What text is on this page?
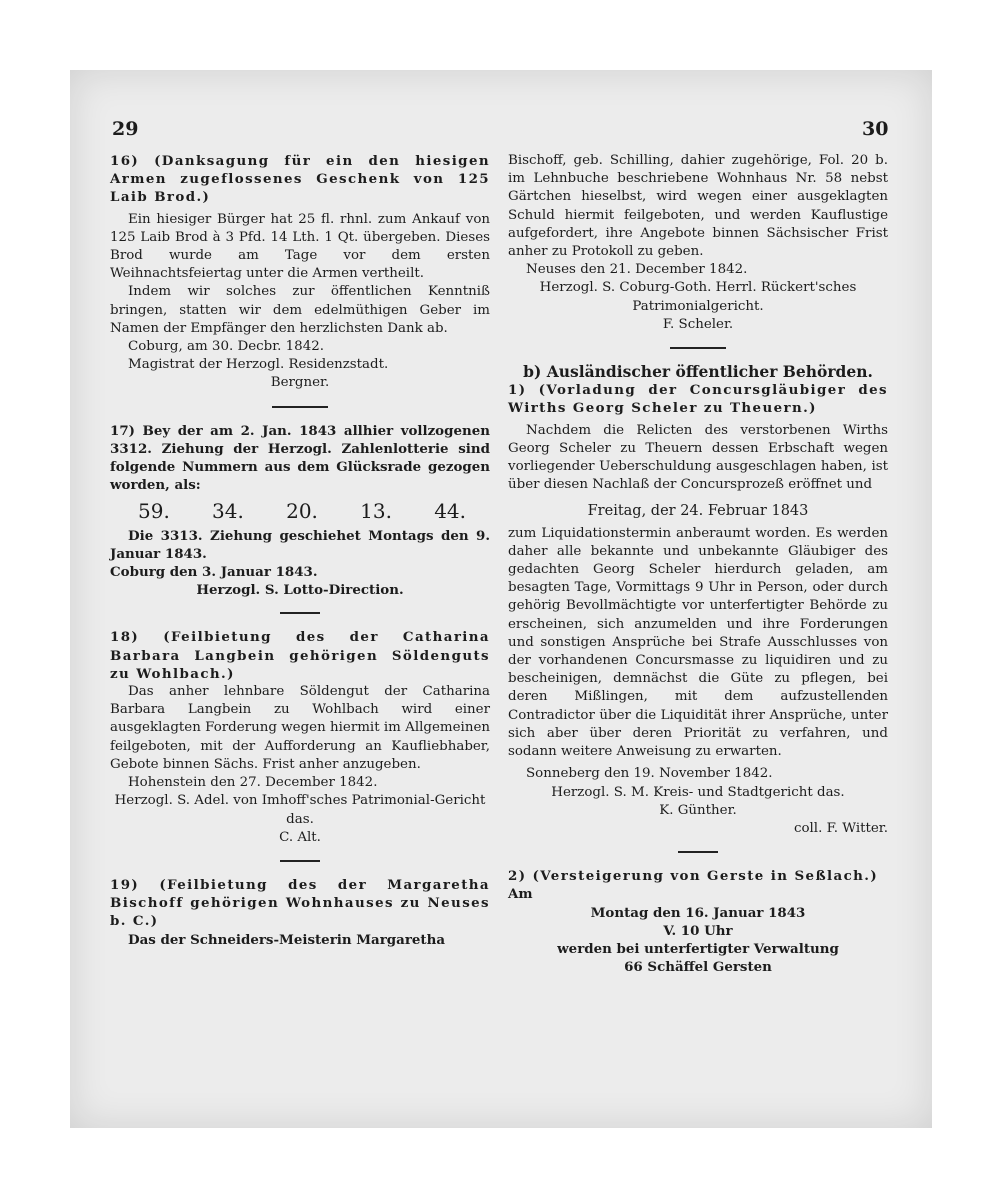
29	30

16) (Danksagung für ein den hiesigen Armen zugeflossenes Geschenk von 125 Laib Brod.)

Ein hiesiger Bürger hat 25 fl. rhnl. zum Ankauf von 125 Laib Brod à 3 Pfd. 14 Lth. 1 Qt. übergeben. Dieses Brod wurde am Tage vor dem ersten Weihnachtsfeiertag unter die Armen vertheilt.

Indem wir solches zur öffentlichen Kenntniß bringen, statten wir dem edelmüthigen Geber im Namen der Empfänger den herzlichsten Dank ab.

Coburg, am 30. Decbr. 1842.

Magistrat der Herzogl. Residenzstadt.

Bergner.

17) Bey der am 2. Jan. 1843 allhier vollzogenen 3312. Ziehung der Herzogl. Zahlenlotterie sind folgende Nummern aus dem Glücksrade gezogen worden, als:

59. 34. 20. 13. 44.

Die 3313. Ziehung geschiehet Montags den 9. Januar 1843.

Coburg den 3. Januar 1843.

Herzogl. S. Lotto-Direction.

18) (Feilbietung des der Catharina Barbara Langbein gehörigen Söldenguts zu Wohlbach.)

Das anher lehnbare Söldengut der Catharina Barbara Langbein zu Wohlbach wird einer ausgeklagten Forderung wegen hiermit im Allgemeinen feilgeboten, mit der Aufforderung an Kaufliebhaber, Gebote binnen Sächs. Frist anher anzugeben.

Hohenstein den 27. December 1842.

Herzogl. S. Adel. von Imhoff'sches Patrimonial-Gericht das.

C. Alt.

19) (Feilbietung des der Margaretha Bischoff gehörigen Wohnhauses zu Neuses b. C.)

Das der Schneiders-Meisterin Margaretha

Bischoff, geb. Schilling, dahier zugehörige, Fol. 20 b. im Lehnbuche beschriebene Wohnhaus Nr. 58 nebst Gärtchen hieselbst, wird wegen einer ausgeklagten Schuld hiermit feilgeboten, und werden Kauflustige aufgefordert, ihre Angebote binnen Sächsischer Frist anher zu Protokoll zu geben.

Neuses den 21. December 1842.

Herzogl. S. Coburg-Goth. Herrl. Rückert'sches Patrimonialgericht.

F. Scheler.

b) Ausländischer öffentlicher Behörden.

1) (Vorladung der Concursgläubiger des Wirths Georg Scheler zu Theuern.)

Nachdem die Relicten des verstorbenen Wirths Georg Scheler zu Theuern dessen Erbschaft wegen vorliegender Ueberschuldung ausgeschlagen haben, ist über diesen Nachlaß der Concursprozeß eröffnet und

Freitag, der 24. Februar 1843

zum Liquidationstermin anberaumt worden. Es werden daher alle bekannte und unbekannte Gläubiger des gedachten Georg Scheler hierdurch geladen, am besagten Tage, Vormittags 9 Uhr in Person, oder durch gehörig Bevollmächtigte vor unterfertigter Behörde zu erscheinen, sich anzumelden und ihre Forderungen und sonstigen Ansprüche bei Strafe Ausschlusses von der vorhandenen Concursmasse zu liquidiren und zu bescheinigen, demnächst die Güte zu pflegen, bei deren Mißlingen, mit dem aufzustellenden Contradictor über die Liquidität ihrer Ansprüche, unter sich aber über deren Priorität zu verfahren, und sodann weitere Anweisung zu erwarten.

Sonneberg den 19. November 1842.

Herzogl. S. M. Kreis- und Stadtgericht das.

K. Günther.

coll. F. Witter.

2) (Versteigerung von Gerste in Seßlach.)

Am

Montag den 16. Januar 1843

V. 10 Uhr

werden bei unterfertigter Verwaltung

66 Schäffel Gersten
